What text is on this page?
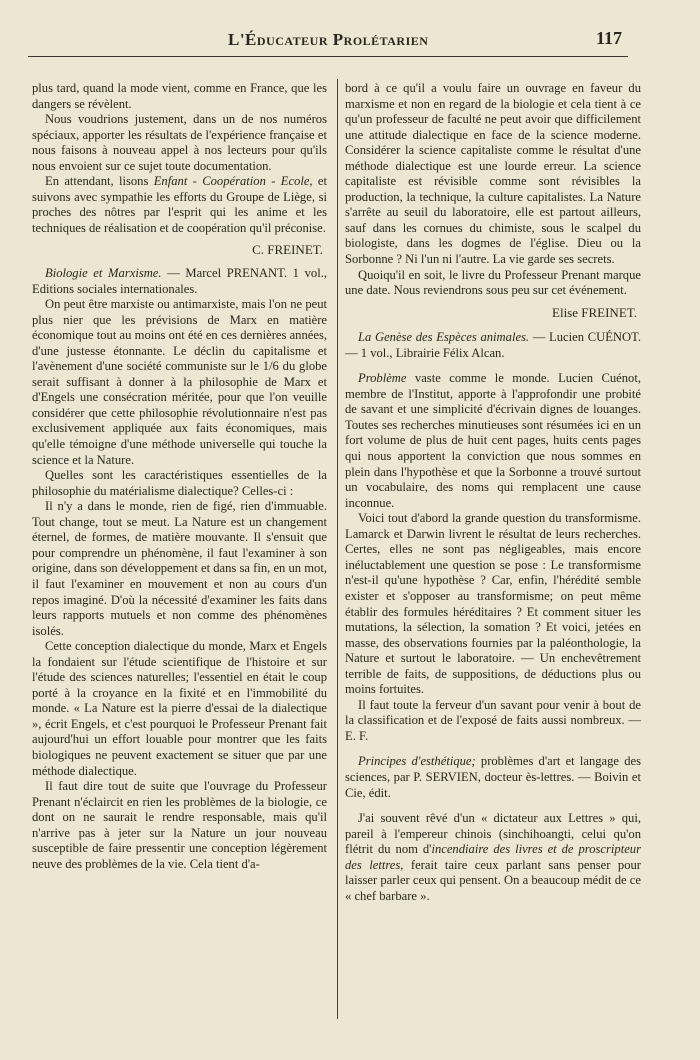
L'Éducateur Prolétarien	117

plus tard, quand la mode vient, comme en France, que les dangers se révèlent.

Nous voudrions justement, dans un de nos numéros spéciaux, apporter les résultats de l'expérience française et nous faisons à nouveau appel à nos lecteurs pour qu'ils nous envoient sur ce sujet toute documentation.

En attendant, lisons Enfant - Coopération - Ecole, et suivons avec sympathie les efforts du Groupe de Liège, si proches des nôtres par l'esprit qui les anime et les techniques de réalisation et de coopération qu'il préconise.

C. FREINET.

Biologie et Marxisme. — Marcel PRENANT. 1 vol., Editions sociales internationales.

On peut être marxiste ou antimarxiste, mais l'on ne peut plus nier que les prévisions de Marx en matière économique tout au moins ont été en ces dernières années, d'une justesse étonnante. Le déclin du capitalisme et l'avènement d'une société communiste sur le 1/6 du globe serait suffisant à donner à la philosophie de Marx et d'Engels une consécration méritée, pour que l'on veuille considérer que cette philosophie révolutionnaire n'est pas exclusivement appliquée aux faits économiques, mais qu'elle témoigne d'une méthode universelle qui touche la science et la Nature.

Quelles sont les caractéristiques essentielles de la philosophie du matérialisme dialectique? Celles-ci :

Il n'y a dans le monde, rien de figé, rien d'immuable. Tout change, tout se meut. La Nature est un changement éternel, de formes, de matière mouvante. Il s'ensuit que pour comprendre un phénomène, il faut l'examiner à son origine, dans son développement et dans sa fin, en un mot, il faut l'examiner en mouvement et non au cours d'un repos imaginé. D'où la nécessité d'examiner les faits dans leurs rapports mutuels et non comme des phénomènes isolés.

Cette conception dialectique du monde, Marx et Engels la fondaient sur l'étude scientifique de l'histoire et sur l'étude des sciences naturelles; l'essentiel en était le coup porté à la croyance en la fixité et en l'immobilité du monde. « La Nature est la pierre d'essai de la dialectique », écrit Engels, et c'est pourquoi le Professeur Prenant fait aujourd'hui un effort louable pour montrer que les faits biologiques ne peuvent exactement se situer que par une méthode dialectique.

Il faut dire tout de suite que l'ouvrage du Professeur Prenant n'éclaircit en rien les problèmes de la biologie, ce dont on ne saurait le rendre responsable, mais qu'il n'arrive pas à jeter sur la Nature un jour nouveau susceptible de faire pressentir une conception légèrement neuve des problèmes de la vie. Cela tient d'a-

bord à ce qu'il a voulu faire un ouvrage en faveur du marxisme et non en regard de la biologie et cela tient à ce qu'un professeur de faculté ne peut avoir que difficilement une attitude dialectique en face de la science moderne. Considérer la science capitaliste comme le résultat d'une méthode dialectique est une lourde erreur. La science capitaliste est révisible comme sont révisibles la production, la technique, la culture capitalistes. La Nature s'arrête au seuil du laboratoire, elle est partout ailleurs, sauf dans les cornues du chimiste, sous le scalpel du biologiste, dans les dogmes de l'église. Dieu ou la Sorbonne ? Ni l'un ni l'autre. La vie garde ses secrets.

Quoiqu'il en soit, le livre du Professeur Prenant marque une date. Nous reviendrons sous peu sur cet événement.

Elise FREINET.

La Genèse des Espèces animales. — Lucien CUÉNOT. — 1 vol., Librairie Félix Alcan.

Problème vaste comme le monde. Lucien Cuénot, membre de l'Institut, apporte à l'approfondir une probité de savant et une simplicité d'écrivain dignes de louanges. Toutes ses recherches minutieuses sont résumées ici en un fort volume de plus de huit cent pages, huits cents pages qui nous apportent la conviction que nous sommes en plein dans l'hypothèse et que la Sorbonne a trouvé surtout un vocabulaire, des noms qui remplacent une cause inconnue.

Voici tout d'abord la grande question du transformisme. Lamarck et Darwin livrent le résultat de leurs recherches. Certes, elles ne sont pas négligeables, mais encore inéluctablement une question se pose : Le transformisme n'est-il qu'une hypothèse ? Car, enfin, l'hérédité semble exister et s'opposer au transformisme; on peut même établir des formules héréditaires ? Et comment situer les mutations, la sélection, la somation ? Et voici, jetées en masse, des observations fournies par la paléonthologie, la Nature et surtout le laboratoire. — Un enchevêtrement terrible de faits, de suppositions, de déductions plus ou moins fortuites.

Il faut toute la ferveur d'un savant pour venir à bout de la classification et de l'exposé de faits aussi nombreux. — E. F.

Principes d'esthétique; problèmes d'art et langage des sciences, par P. SERVIEN, docteur ès-lettres. — Boivin et Cie, édit.

J'ai souvent rêvé d'un « dictateur aux Lettres » qui, pareil à l'empereur chinois (sinchihoangti, celui qu'on flétrit du nom d'incendiaire des livres et de proscripteur des lettres, ferait taire ceux parlant sans penser pour laisser parler ceux qui pensent. On a beaucoup médit de ce « chef barbare ».
